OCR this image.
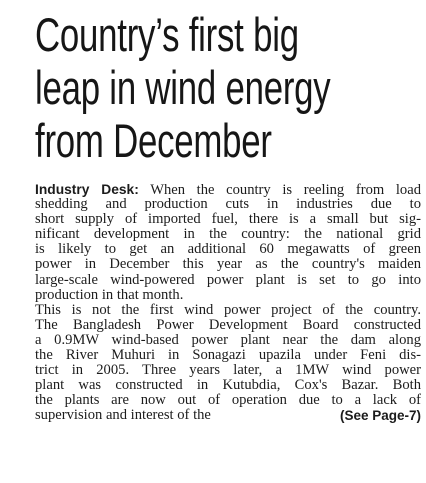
Country’s first big
leap in wind energy
from December
Industry Desk: When the country is reeling from load
shedding and production cuts in industries due to
short supply of imported fuel, there is a small but sig-
nificant development in the country: the national grid
is likely to get an additional 60 megawatts of green
power in December this year as the country's maiden
large-scale wind-powered power plant is set to go into
production in that month.
This is not the first wind power project of the country.
The Bangladesh Power Development Board constructed
a 0.9MW wind-based power plant near the dam along
the River Muhuri in Sonagazi upazila under Feni dis-
trict in 2005. Three years later, a 1MW wind power
plant was constructed in Kutubdia, Cox's Bazar. Both
the plants are now out of operation due to a lack of
supervision and interest of the	(See Page-7)
